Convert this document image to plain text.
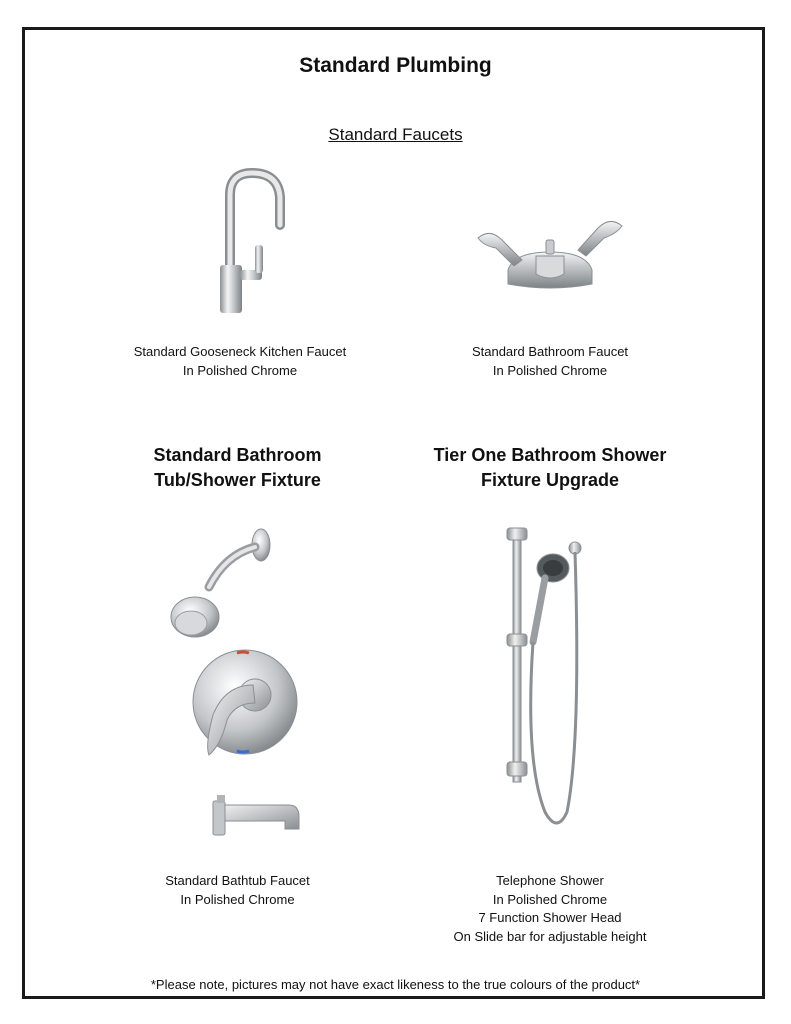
Standard Plumbing
Standard Faucets
Standard Gooseneck Kitchen Faucet
In Polished Chrome
Standard Bathroom Faucet
In Polished Chrome
Standard Bathroom
Tub/Shower Fixture
Tier One Bathroom Shower
Fixture Upgrade
Standard Bathtub Faucet
In Polished Chrome
Telephone Shower
In Polished Chrome
7 Function Shower Head
On Slide bar for adjustable height
*Please note, pictures may not have exact likeness to the true colours of the product*
